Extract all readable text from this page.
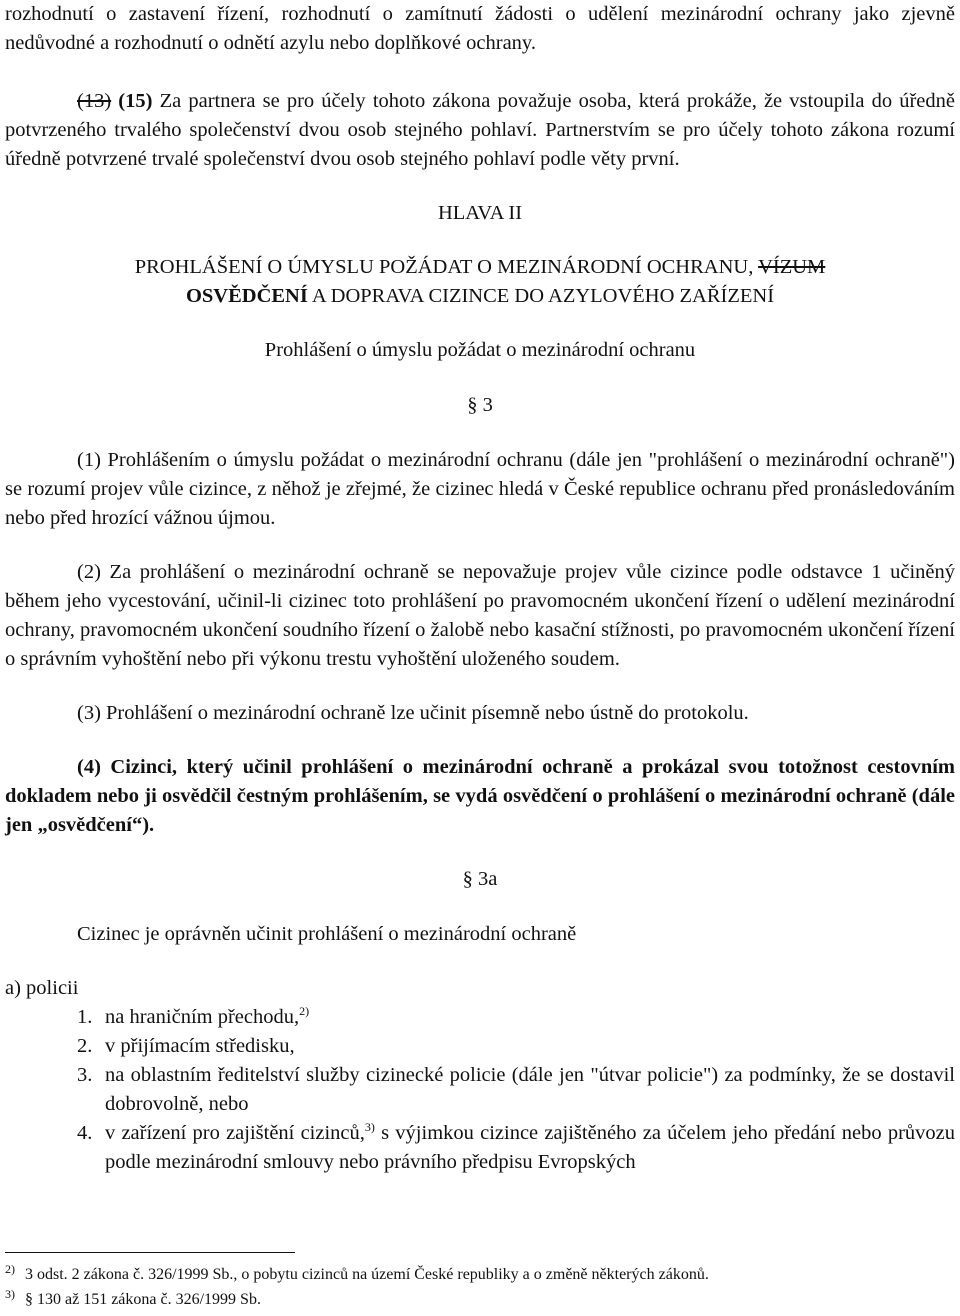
rozhodnutí o zastavení řízení, rozhodnutí o zamítnutí žádosti o udělení mezinárodní ochrany jako zjevně nedůvodné a rozhodnutí o odnětí azylu nebo doplňkové ochrany.

(13) (15) Za partnera se pro účely tohoto zákona považuje osoba, která prokáže, že vstoupila do úředně potvrzeného trvalého společenství dvou osob stejného pohlaví. Partnerstvím se pro účely tohoto zákona rozumí úředně potvrzené trvalé společenství dvou osob stejného pohlaví podle věty první.

HLAVA II

PROHLÁŠENÍ O ÚMYSLU POŽÁDAT O MEZINÁRODNÍ OCHRANU, VÍZUM
OSVĚDČENÍ A DOPRAVA CIZINCE DO AZYLOVÉHO ZAŘÍZENÍ

Prohlášení o úmyslu požádat o mezinárodní ochranu

§ 3

(1) Prohlášením o úmyslu požádat o mezinárodní ochranu (dále jen "prohlášení o mezinárodní ochraně") se rozumí projev vůle cizince, z něhož je zřejmé, že cizinec hledá v České republice ochranu před pronásledováním nebo před hrozící vážnou újmou.

(2) Za prohlášení o mezinárodní ochraně se nepovažuje projev vůle cizince podle odstavce 1 učiněný během jeho vycestování, učinil-li cizinec toto prohlášení po pravomocném ukončení řízení o udělení mezinárodní ochrany, pravomocném ukončení soudního řízení o žalobě nebo kasační stížnosti, po pravomocném ukončení řízení o správním vyhoštění nebo při výkonu trestu vyhoštění uloženého soudem.

(3) Prohlášení o mezinárodní ochraně lze učinit písemně nebo ústně do protokolu.

(4) Cizinci, který učinil prohlášení o mezinárodní ochraně a prokázal svou totožnost cestovním dokladem nebo ji osvědčil čestným prohlášením, se vydá osvědčení o prohlášení o mezinárodní ochraně (dále jen „osvědčení“).

§ 3a

Cizinec je oprávněn učinit prohlášení o mezinárodní ochraně

a) policii

1. na hraničním přechodu,$^{2)}$
2. v přijímacím středisku,
3. na oblastním ředitelství služby cizinecké policie (dále jen "útvar policie") za podmínky, že se dostavil dobrovolně, nebo
4. v zařízení pro zajištění cizinců,$^{3)}$ s výjimkou cizince zajištěného za účelem jeho předání nebo průvozu podle mezinárodní smlouvy nebo právního předpisu Evropských
$^{2)}$ 3 odst. 2 zákona č. 326/1999 Sb., o pobytu cizinců na území České republiky a o změně některých zákonů.
$^{3)}$ § 130 až 151 zákona č. 326/1999 Sb.
